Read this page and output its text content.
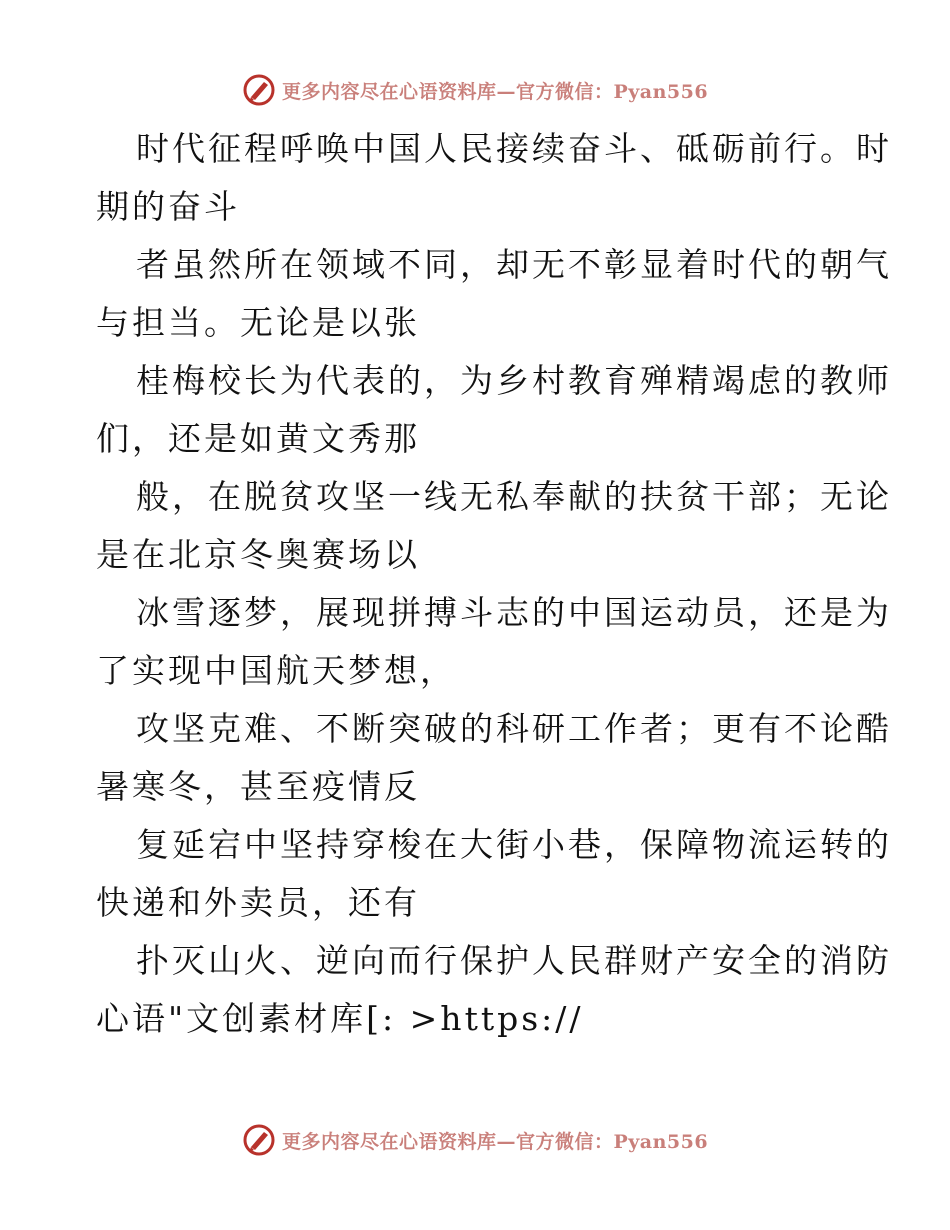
更多内容尽在心语资料库—官方微信：Pyan556

时代征程呼唤中国人民接续奋斗、砥砺前行。时

期的奋斗

者虽然所在领域不同，却无不彰显着时代的朝气

与担当。无论是以张

桂梅校长为代表的，为乡村教育殚精竭虑的教师

们，还是如黄文秀那

般，在脱贫攻坚一线无私奉献的扶贫干部；无论

是在北京冬奥赛场以

冰雪逐梦，展现拼搏斗志的中国运动员，还是为

了实现中国航天梦想，

攻坚克难、不断突破的科研工作者；更有不论酷

暑寒冬，甚至疫情反

复延宕中坚持穿梭在大街小巷，保障物流运转的

快递和外卖员，还有

扑灭山火、逆向而行保护人民群财产安全的消防

心语"文创素材库[: >https://

更多内容尽在心语资料库—官方微信：Pyan556
